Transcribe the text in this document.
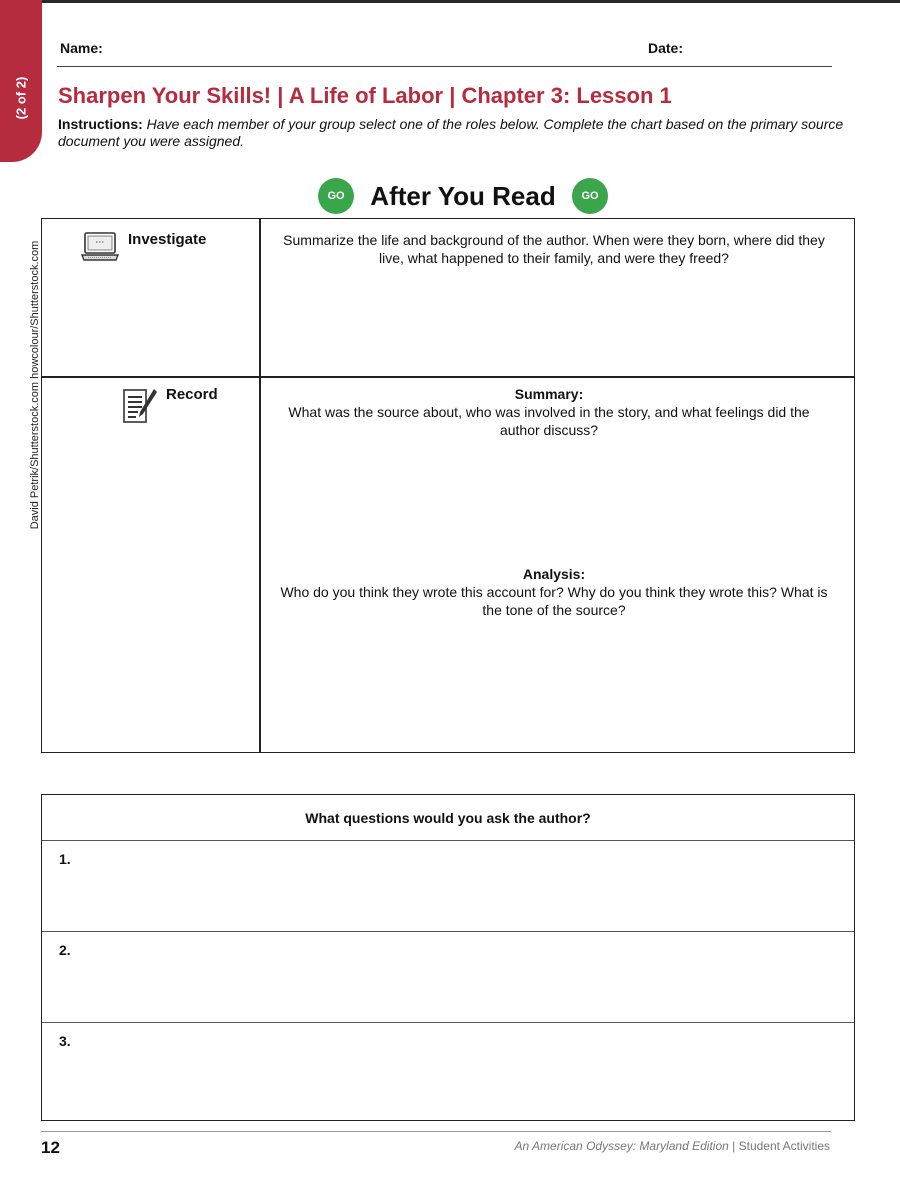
(2 of 2)
David Petrik/Shutterstock.com howcolour/Shutterstock.com
Name:	Date:
Sharpen Your Skills! | A Life of Labor | Chapter 3: Lesson 1
Instructions: Have each member of your group select one of the roles below. Complete the chart based on the primary source document you were assigned.
GO After You Read	GO
Investigate	Summarize the life and background of the author. When were they born, where did they live, what happened to their family, and were they freed?
Record	Summary:
What was the source about, who was involved in the story, and what feelings did the author discuss?
Analysis:
Who do you think they wrote this account for? Why do you think they wrote this? What is the tone of the source?
What questions would you ask the author?
1.
2.
3.
12	An American Odyssey: Maryland Edition | Student Activities
